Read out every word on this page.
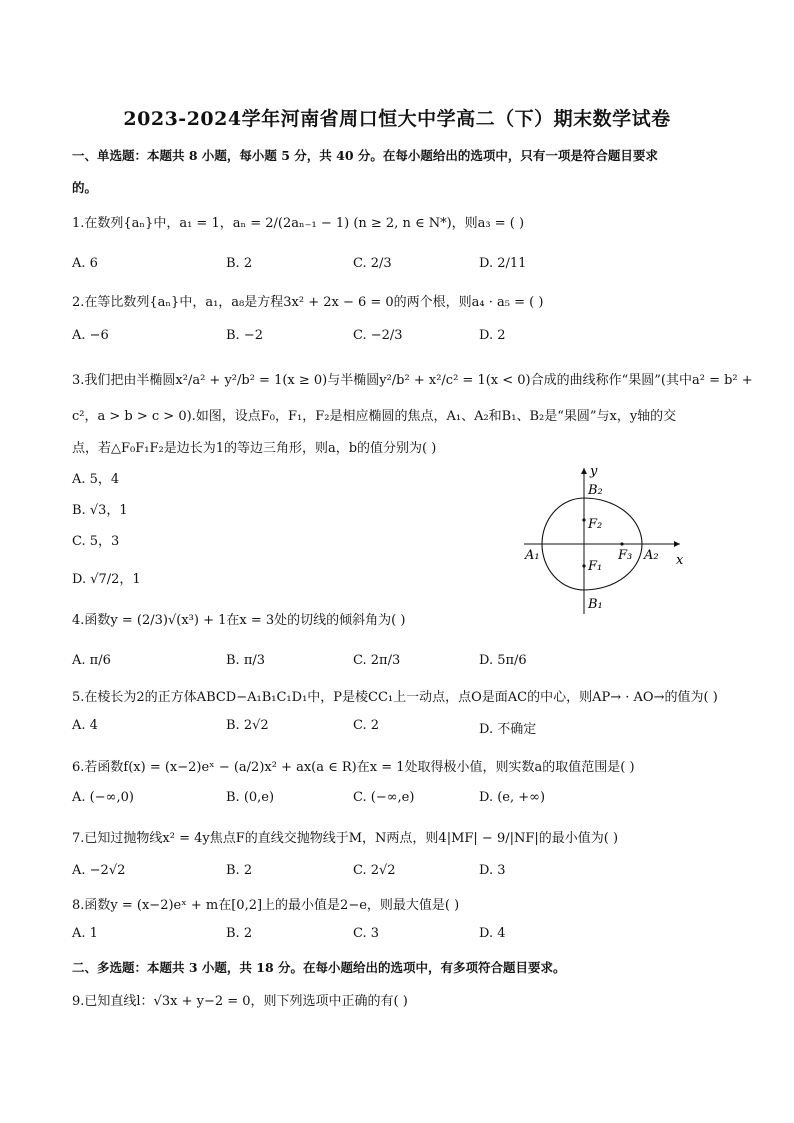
2023-2024学年河南省周口恒大中学高二（下）期末数学试卷
一、单选题：本题共 8 小题，每小题 5 分，共 40 分。在每小题给出的选项中，只有一项是符合题目要求
的。
1.在数列{aₙ}中，a₁ = 1，aₙ = 2/(2aₙ₋₁ − 1) (n ≥ 2, n ∈ N*)，则a₃ = ( )
A. 6	B. 2	C. 2/3	D. 2/11
2.在等比数列{aₙ}中，a₁，a₈是方程3x² + 2x − 6 = 0的两个根，则a₄ · a₅ = ( )
A. −6	B. −2	C. −2/3	D. 2
3.我们把由半椭圆x²/a² + y²/b² = 1(x ≥ 0)与半椭圆y²/b² + x²/c² = 1(x < 0)合成的曲线称作“果圆”(其中a² = b² +
c²，a > b > c > 0).如图，设点F₀，F₁，F₂是相应椭圆的焦点，A₁、A₂和B₁、B₂是“果圆”与x，y轴的交
点，若△F₀F₁F₂是边长为1的等边三角形，则a，b的值分别为( )
A. 5，4
B. √3，1
C. 5，3
D. √7/2，1
y
x
B₂
B₁
F₂
F₁
F₃
A₁	A₂
4.函数y = (2/3)√(x³) + 1在x = 3处的切线的倾斜角为( )
A. π/6	B. π/3	C. 2π/3	D. 5π/6
5.在棱长为2的正方体ABCD−A₁B₁C₁D₁中，P是棱CC₁上一动点，点O是面AC的中心，则AP→ · AO→的值为( )
A. 4	B. 2√2	C. 2	D. 不确定
6.若函数f(x) = (x−2)eˣ − (a/2)x² + ax(a ∈ R)在x = 1处取得极小值，则实数a的取值范围是( )
A. (−∞,0)	B. (0,e)	C. (−∞,e)	D. (e, +∞)
7.已知过抛物线x² = 4y焦点F的直线交抛物线于M，N两点，则4|MF| − 9/|NF|的最小值为( )
A. −2√2	B. 2	C. 2√2	D. 3
8.函数y = (x−2)eˣ + m在[0,2]上的最小值是2−e，则最大值是( )
A. 1	B. 2	C. 3	D. 4
二、多选题：本题共 3 小题，共 18 分。在每小题给出的选项中，有多项符合题目要求。
9.已知直线l：√3x + y−2 = 0，则下列选项中正确的有( )
